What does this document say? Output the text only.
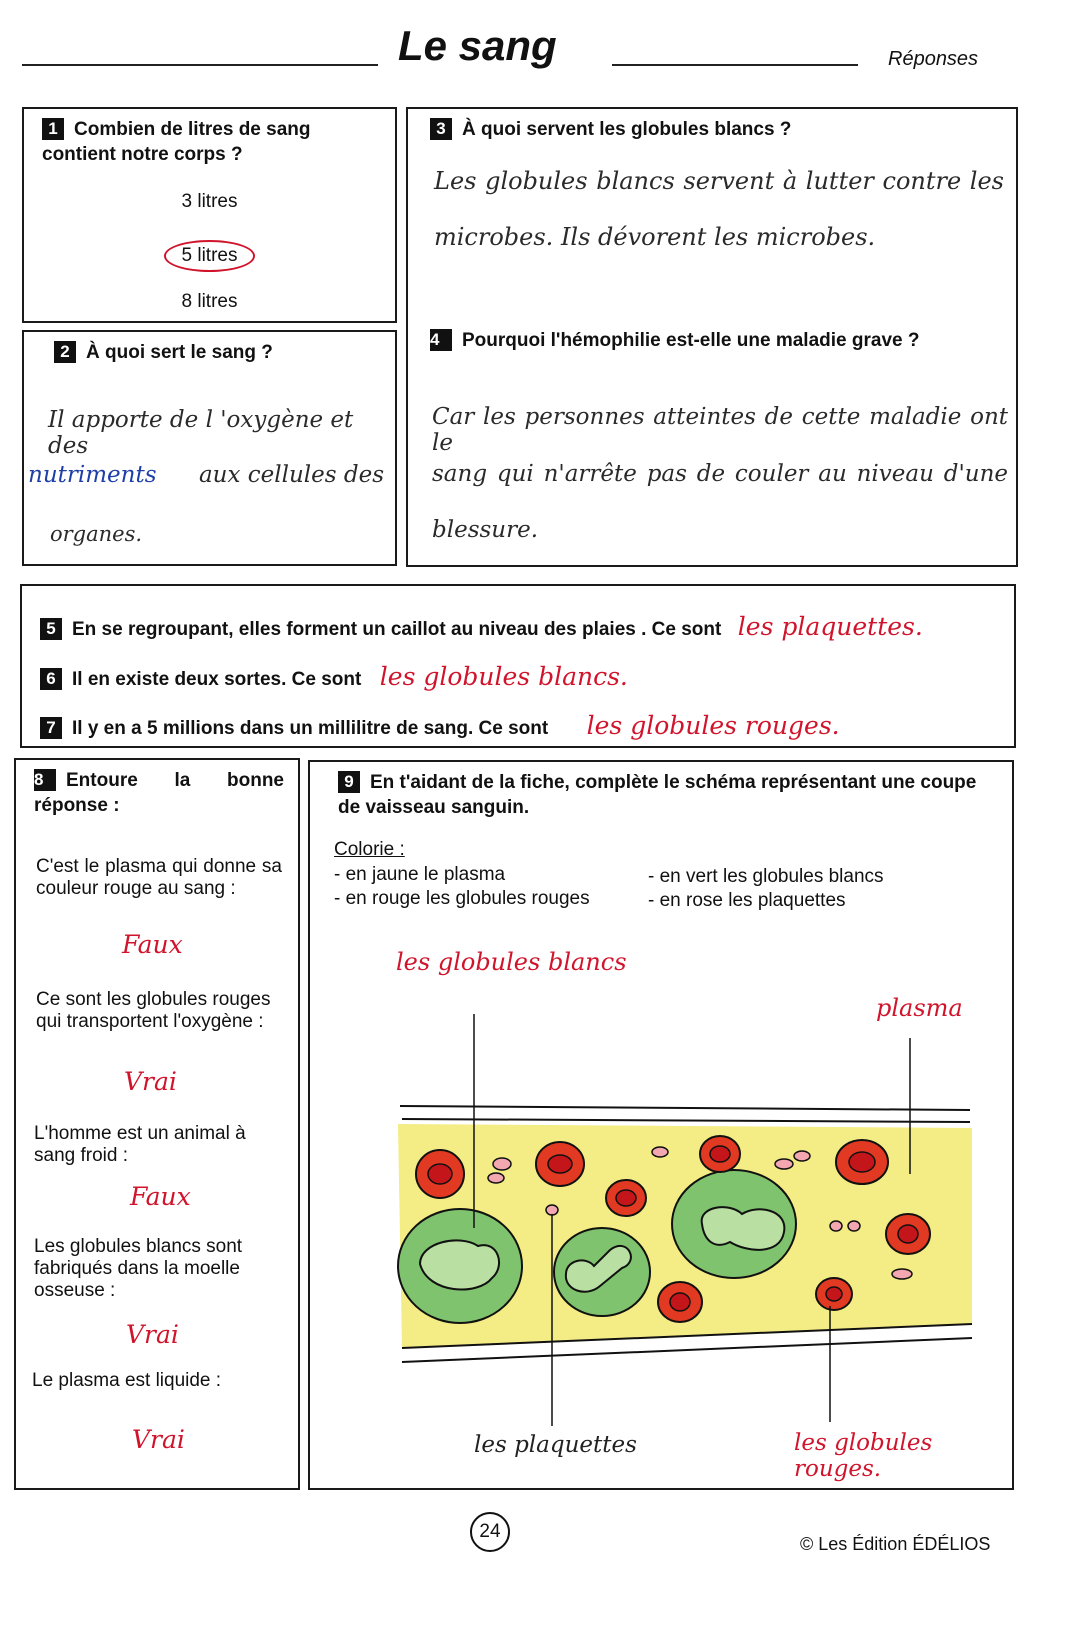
Le sang	Réponses
1 Combien de litres de sang contient notre corps ?
3 litres
5 litres
8 litres
2 À quoi sert le sang ?
Il apporte de l 'oxygène et des
nutriments aux cellules des
organes.
3 À quoi servent les globules blancs ?
Les globules blancs servent à lutter contre les
microbes. Ils dévorent les microbes.
4 Pourquoi l'hémophilie est-elle une maladie grave ?
Car les personnes atteintes de cette maladie ont le
sang qui n'arrête pas de couler au niveau d'une
blessure.
5 En se regroupant, elles forment un caillot au niveau des plaies . Ce sont les plaquettes.
6 Il en existe deux sortes. Ce sont les globules blancs.
7 Il y en a 5 millions dans un millilitre de sang. Ce sont les globules rouges.
8 Entoure la bonne réponse :
C'est le plasma qui donne sa couleur rouge au sang :
Faux
Ce sont les globules rouges qui transportent l'oxygène :
Vrai
L'homme est un animal à sang froid :
Faux
Les globules blancs sont fabriqués dans la moelle osseuse :
Vrai
Le plasma est liquide :
Vrai
9 En t'aidant de la fiche, complète le schéma représentant une coupe de vaisseau sanguin.
Colorie :
- en jaune le plasma
- en rouge les globules rouges
- en vert les globules blancs
- en rose les plaquettes
les globules blancs
plasma
les plaquettes	les globules rouges.
24
© Les Édition ÉDÉLIOS
